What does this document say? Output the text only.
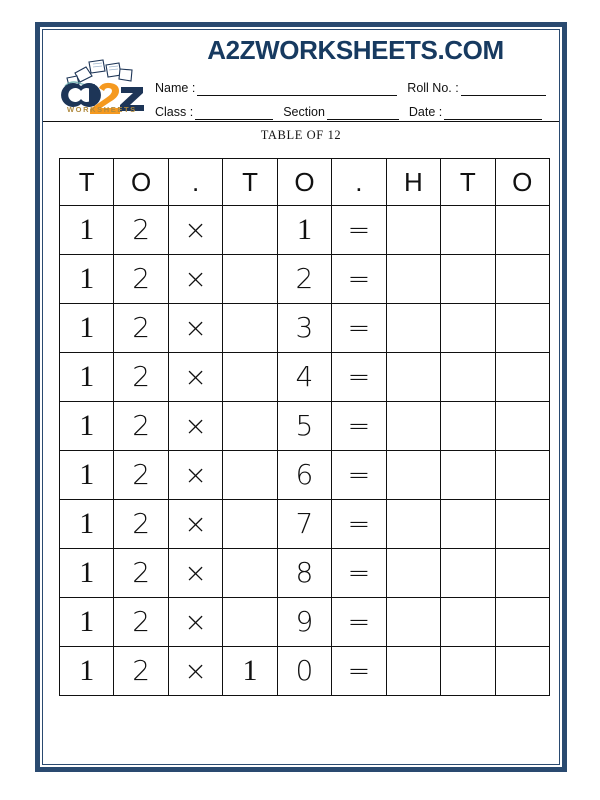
WORKSHEETS
A2ZWORKSHEETS.COM
Name :	Roll No. :
Class :	Section	Date :
TABLE OF 12
T	O	.	T	O	.	H	T	O
1	2	×		1	=			
1	2	×		2	=			
1	2	×		3	=			
1	2	×		4	=			
1	2	×		5	=			
1	2	×		6	=			
1	2	×		7	=			
1	2	×		8	=			
1	2	×		9	=			
1	2	×	1	0	=			
